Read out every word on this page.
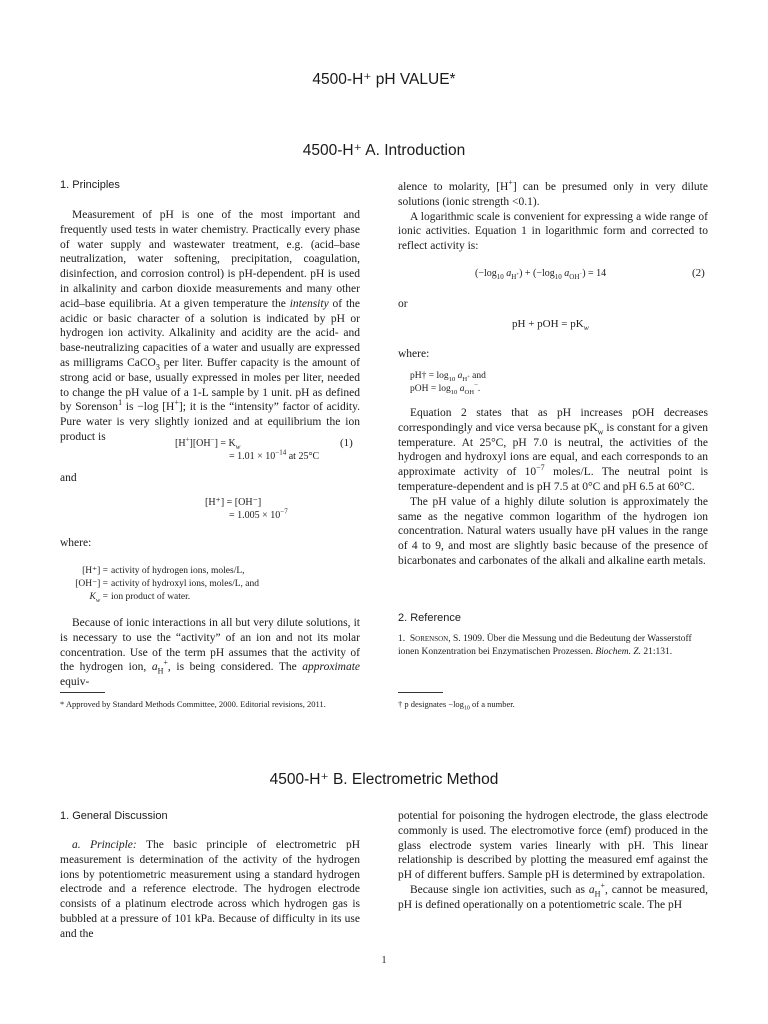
4500-H⁺ pH VALUE*
4500-H⁺ A. Introduction
1. Principles

Measurement of pH is one of the most important and frequently used tests in water chemistry. Practically every phase of water supply and wastewater treatment, e.g. (acid–base neutralization, water softening, precipitation, coagulation, disinfection, and corrosion control) is pH-dependent. pH is used in alkalinity and carbon dioxide measurements and many other acid–base equilibria. At a given temperature the intensity of the acidic or basic character of a solution is indicated by pH or hydrogen ion activity. Alkalinity and acidity are the acid- and base-neutralizing capacities of a water and usually are expressed as milligrams CaCO$_3$ per liter. Buffer capacity is the amount of strong acid or base, usually expressed in moles per liter, needed to change the pH value of a 1-L sample by 1 unit. pH as defined by Sorenson$^1$ is −log [H+]; it is the “intensity” factor of acidity. Pure water is very slightly ionized and at equilibrium the ion product is

$[H^+][OH^-] = K_w$
= $1.01 \times 10^{-14}$ at 25°C
(1)
and
[H⁺] = [OH⁻]
= $1.005 \times 10^{-7}$
where:
[H⁺] = activity of hydrogen ions, moles/L,
[OH⁻] = activity of hydroxyl ions, moles/L, and
$K_w$ = ion product of water.

Because of ionic interactions in all but very dilute solutions, it is necessary to use the “activity” of an ion and not its molar concentration. Use of the term pH assumes that the activity of the hydrogen ion, $a_H^+$, is being considered. The approximate equiv-

* Approved by Standard Methods Committee, 2000. Editorial revisions, 2011.

alence to molarity, [H+] can be presumed only in very dilute solutions (ionic strength <0.1).

A logarithmic scale is convenient for expressing a wide range of ionic activities. Equation 1 in logarithmic form and corrected to reflect activity is:

($-\log_{10}$ $a_{H^+}) + (-\log_{10}$ $a_{OH^-}) = 14$	(2)
or
pH + pOH = $pK_w$
where:
pH† = $\log_{10} a_{H^+}$ and
pOH = $\log_{10} a_{OH}^-$.

Equation 2 states that as pH increases pOH decreases correspondingly and vice versa because $pK_w$ is constant for a given temperature. At 25°C, pH 7.0 is neutral, the activities of the hydrogen and hydroxyl ions are equal, and each corresponds to an approximate activity of $10^{-7}$ moles/L. The neutral point is temperature-dependent and is pH 7.5 at 0°C and pH 6.5 at 60°C.

The pH value of a highly dilute solution is approximately the same as the negative common logarithm of the hydrogen ion concentration. Natural waters usually have pH values in the range of 4 to 9, and most are slightly basic because of the presence of bicarbonates and carbonates of the alkali and alkaline earth metals.

2. Reference
1.  Sorenson, S. 1909. Über die Messung und die Bedeutung der Wasserstoff ionen Konzentration bei Enzymatischen Prozessen. Biochem. Z. 21:131.
† p designates $-\log_{10}$ of a number.
4500-H⁺ B. Electrometric Method
1. General Discussion

a. Principle: The basic principle of electrometric pH measurement is determination of the activity of the hydrogen ions by potentiometric measurement using a standard hydrogen electrode and a reference electrode. The hydrogen electrode consists of a platinum electrode across which hydrogen gas is bubbled at a pressure of 101 kPa. Because of difficulty in its use and the

potential for poisoning the hydrogen electrode, the glass electrode commonly is used. The electromotive force (emf) produced in the glass electrode system varies linearly with pH. This linear relationship is described by plotting the measured emf against the pH of different buffers. Sample pH is determined by extrapolation.

Because single ion activities, such as $a_H^+$, cannot be measured, pH is defined operationally on a potentiometric scale. The pH

1
